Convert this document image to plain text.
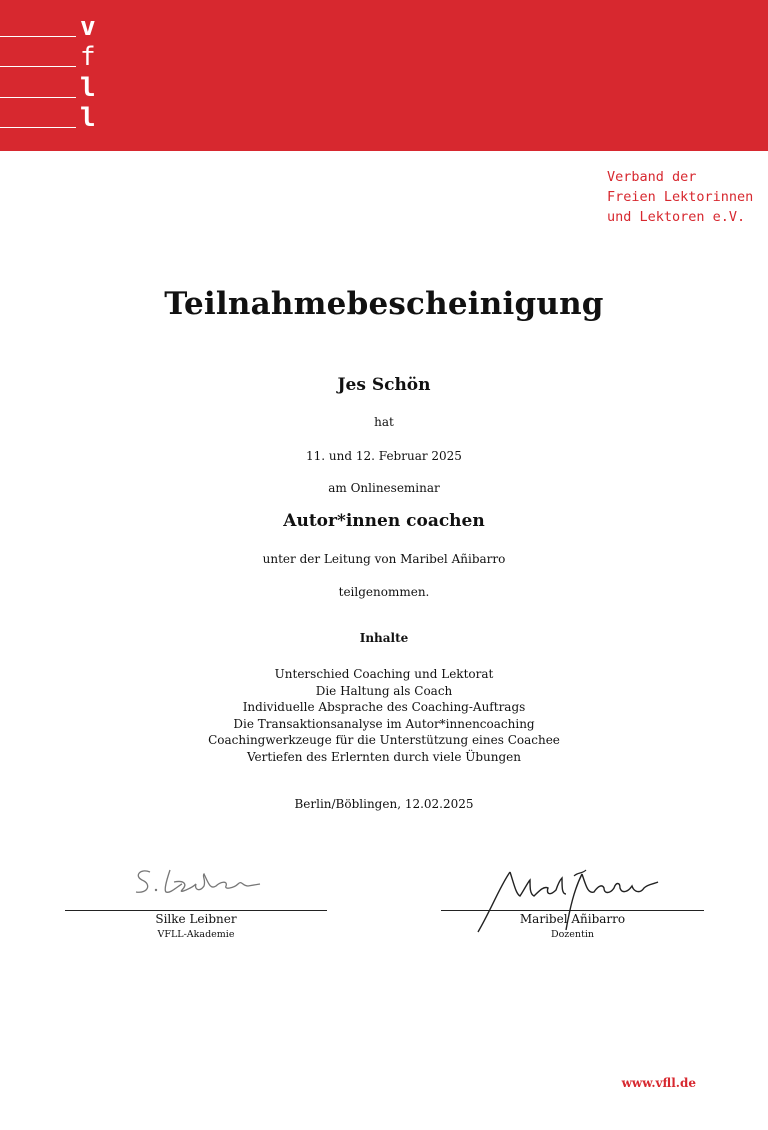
v
f
l
l
Verband der
Freien Lektorinnen
und Lektoren e.V.
Teilnahmebescheinigung
Jes Schön
hat
11. und 12. Februar 2025
am Onlineseminar
Autor*innen coachen
unter der Leitung von Maribel Añibarro
teilgenommen.
Inhalte
Unterschied Coaching und Lektorat
Die Haltung als Coach
Individuelle Absprache des Coaching-Auftrags
Die Transaktionsanalyse im Autor*innencoaching
Coachingwerkzeuge für die Unterstützung eines Coachee
Vertiefen des Erlernten durch viele Übungen
Berlin/Böblingen, 12.02.2025
Silke Leibner
VFLL-Akademie
Maribel Añibarro
Dozentin
www.vfll.de
